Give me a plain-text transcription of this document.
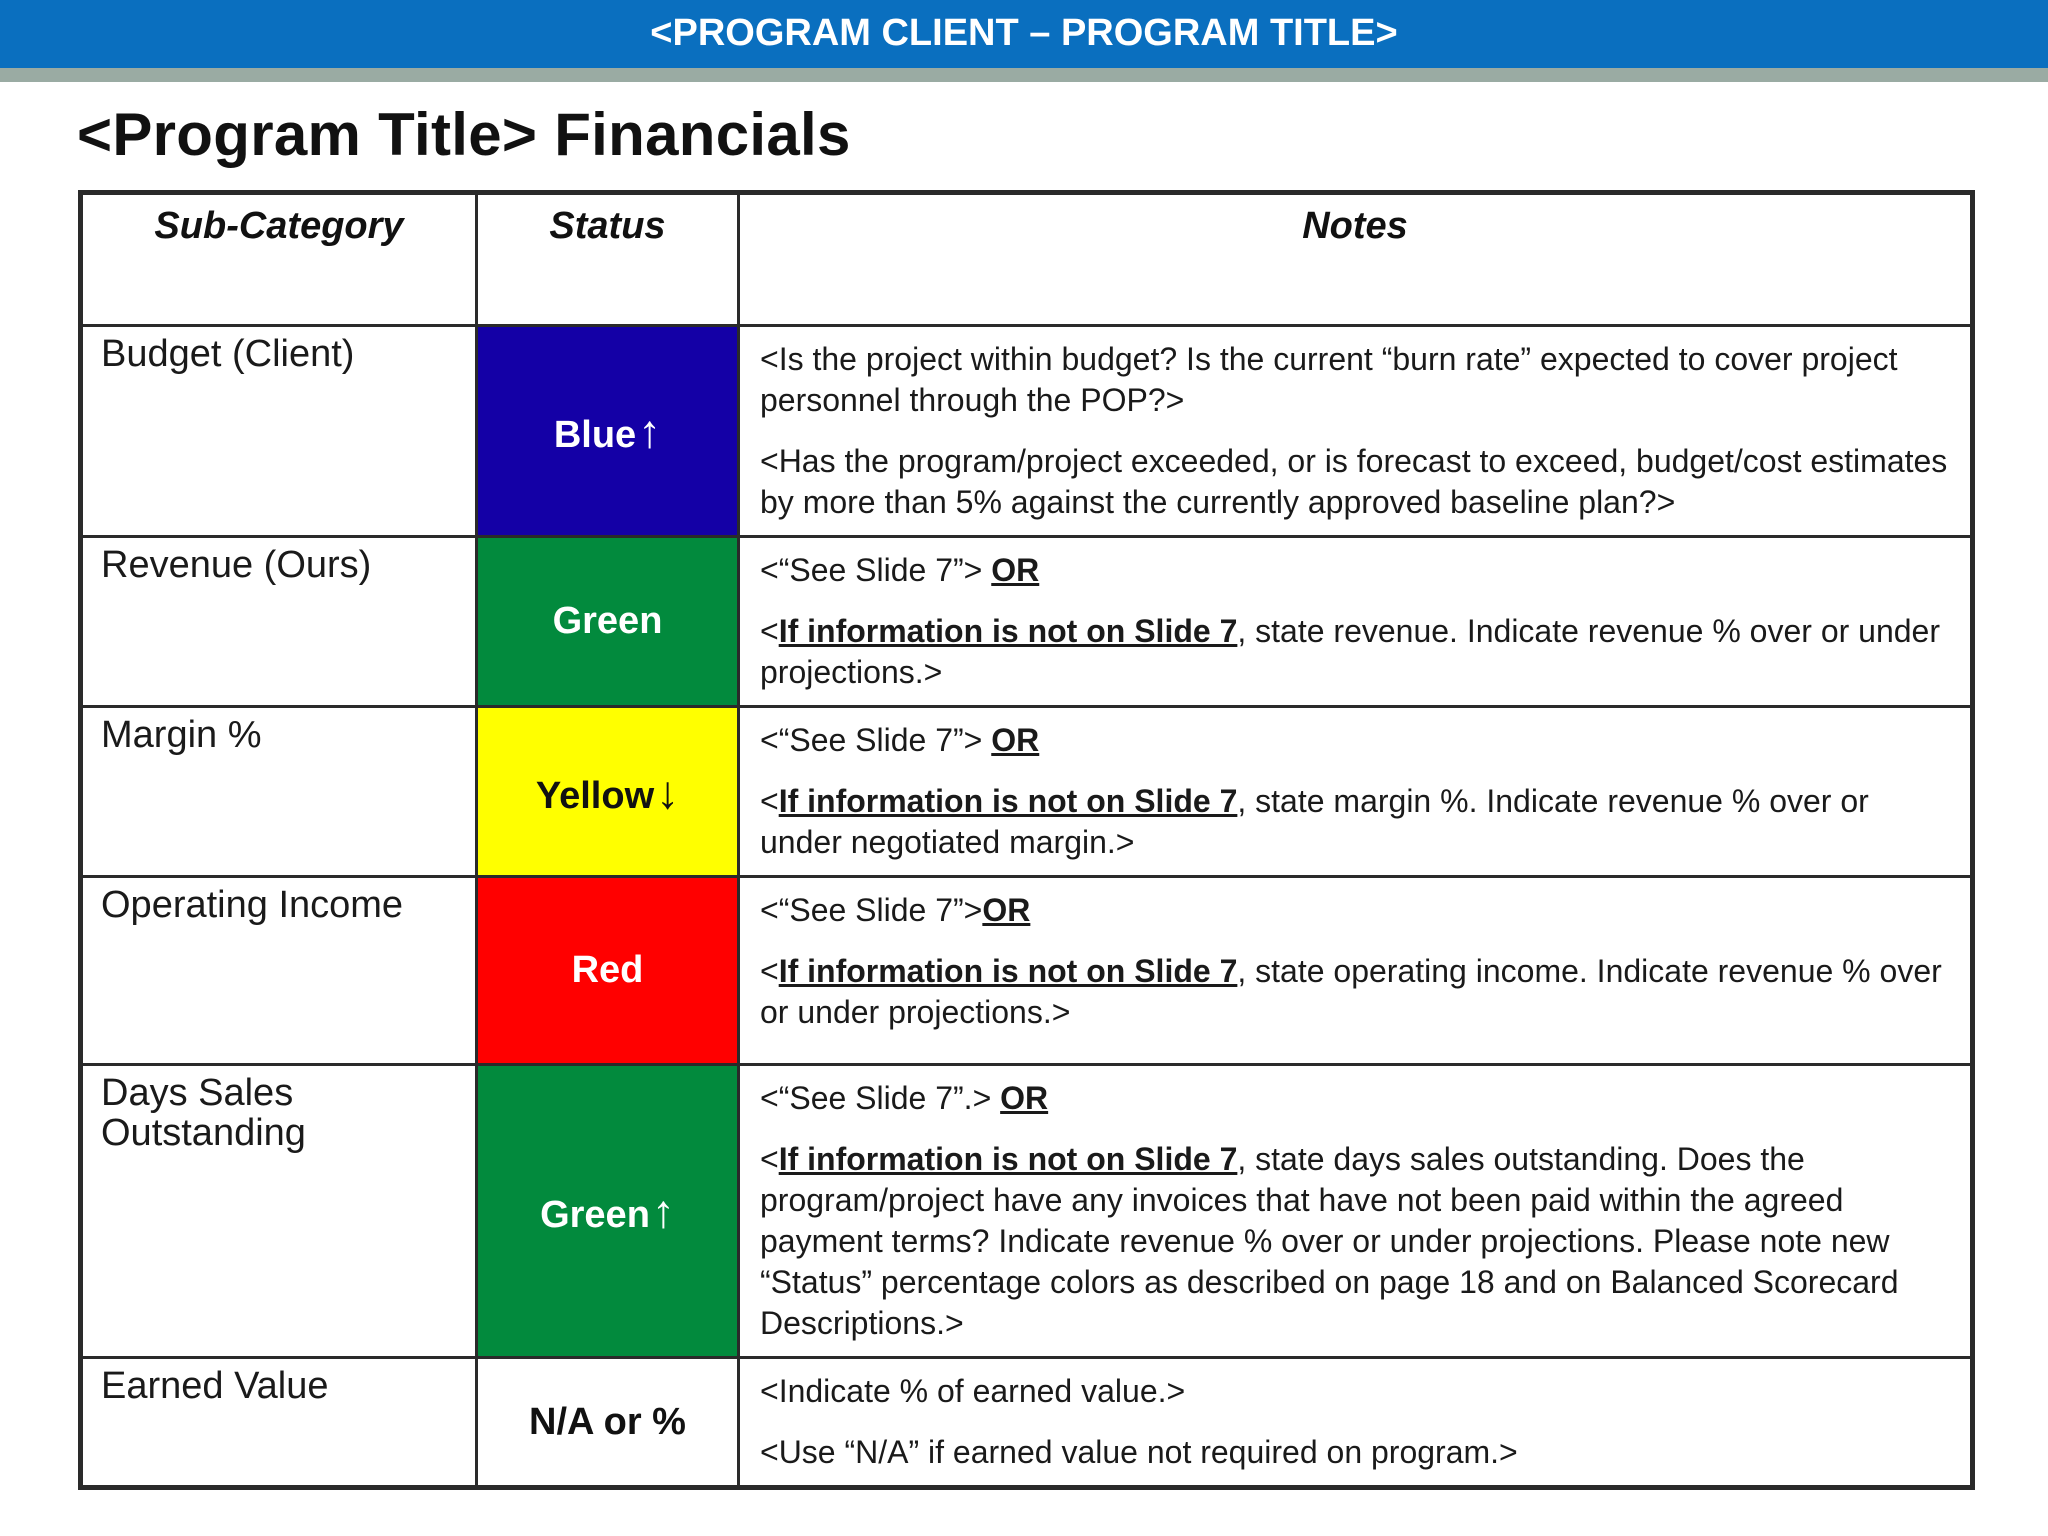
<PROGRAM CLIENT – PROGRAM TITLE>
<Program Title> Financials
Sub-Category	Status	Notes
Budget (Client)	Blue↑	<Is the project within budget? Is the current “burn rate” expected to cover project personnel through the POP?>

<Has the program/project exceeded, or is forecast to exceed, budget/cost estimates by more than 5% against the currently approved baseline plan?>

Revenue (Ours)	Green	<“See Slide 7”> OR

<If information is not on Slide 7, state revenue. Indicate revenue % over or under projections.>

Margin %	Yellow↓	<“See Slide 7”> OR

<If information is not on Slide 7, state margin %. Indicate revenue % over or under negotiated margin.>

Operating Income	Red	<“See Slide 7”>OR

<If information is not on Slide 7, state operating income. Indicate revenue % over or under projections.>

Days Sales Outstanding	Green↑	<“See Slide 7”.> OR

<If information is not on Slide 7, state days sales outstanding. Does the program/project have any invoices that have not been paid within the agreed payment terms? Indicate revenue % over or under projections. Please note new “Status” percentage colors as described on page 18 and on Balanced Scorecard Descriptions.>

Earned Value	N/A or %	<Indicate % of earned value.>

<Use “N/A” if earned value not required on program.>
